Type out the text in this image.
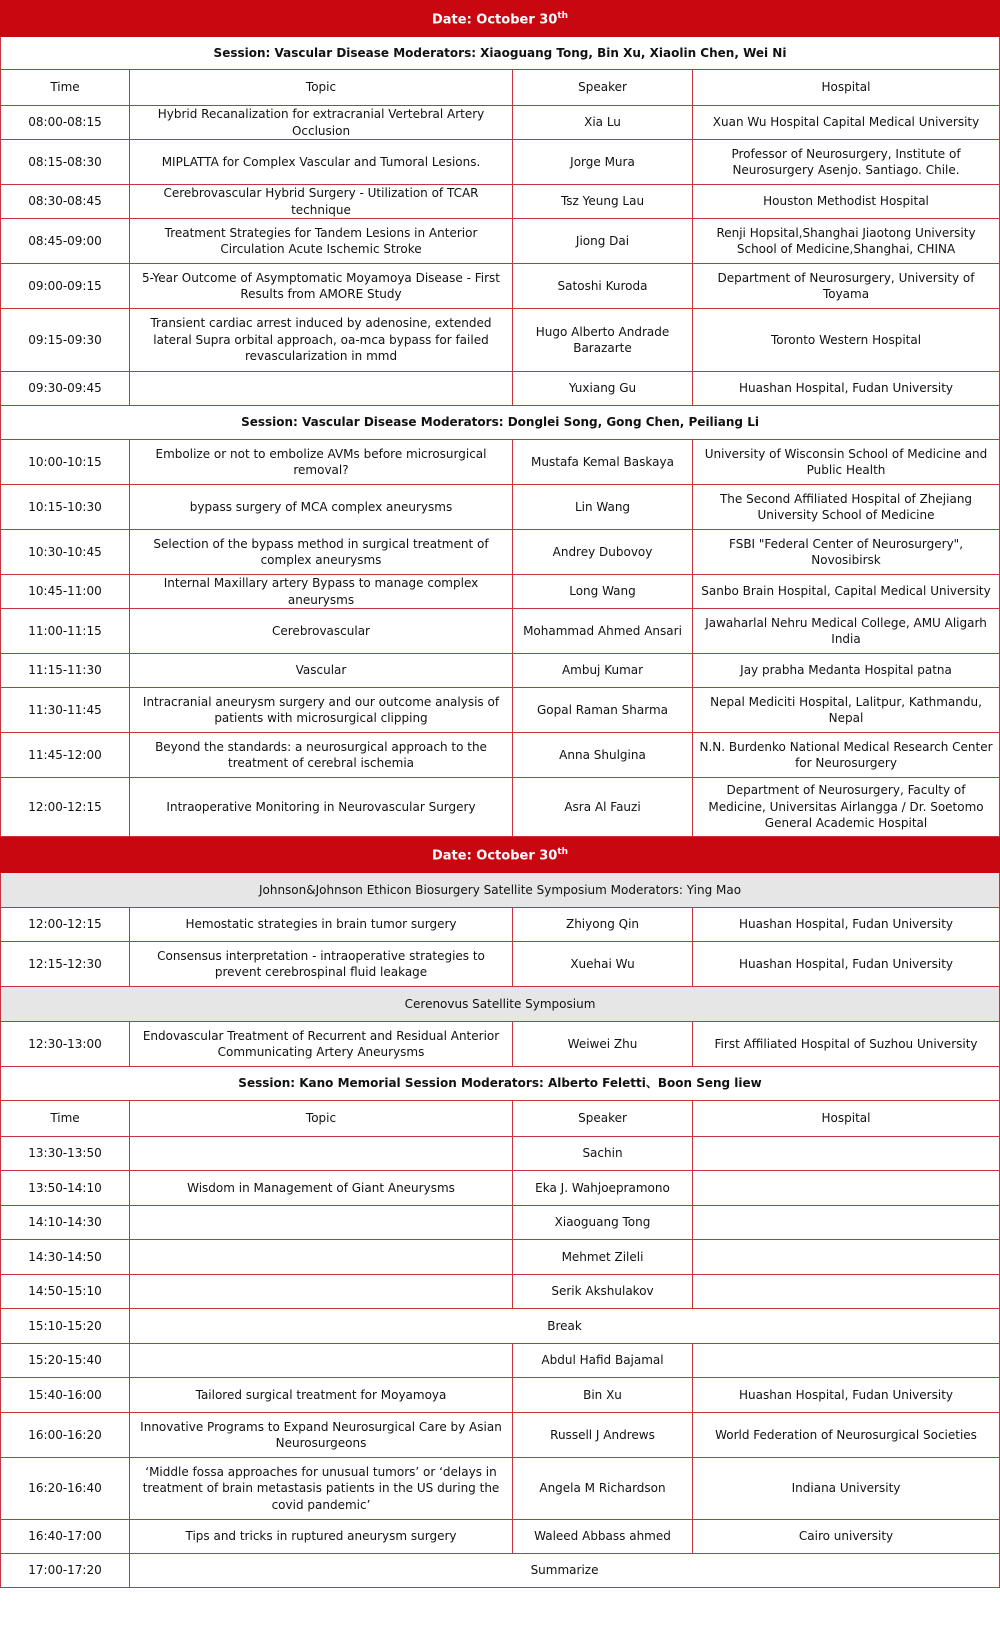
Date: October 30th
Session: Vascular Disease Moderators: Xiaoguang Tong, Bin Xu, Xiaolin Chen, Wei Ni			
Time	Topic	Speaker	Hospital
08:00-08:15	Hybrid Recanalization for extracranial Vertebral Artery Occlusion	Xia Lu	Xuan Wu Hospital Capital Medical University
08:15-08:30	MIPLATTA for Complex Vascular and Tumoral Lesions.	Jorge Mura	Professor of Neurosurgery, Institute of Neurosurgery Asenjo. Santiago. Chile.
08:30-08:45	Cerebrovascular Hybrid Surgery - Utilization of TCAR technique	Tsz Yeung Lau	Houston Methodist Hospital
08:45-09:00	Treatment Strategies for Tandem Lesions in Anterior Circulation Acute Ischemic Stroke	Jiong Dai	Renji Hopsital,Shanghai Jiaotong University School of Medicine,Shanghai, CHINA
09:00-09:15	5-Year Outcome of Asymptomatic Moyamoya Disease - First Results from AMORE Study	Satoshi Kuroda	Department of Neurosurgery, University of Toyama
09:15-09:30	Transient cardiac arrest induced by adenosine, extended lateral Supra orbital approach, oa-mca bypass for failed revascularization in mmd	Hugo Alberto Andrade Barazarte	Toronto Western Hospital
09:30-09:45		Yuxiang Gu	Huashan Hospital, Fudan University
Session: Vascular Disease Moderators: Donglei Song, Gong Chen, Peiliang Li			
10:00-10:15	Embolize or not to embolize AVMs before microsurgical removal?	Mustafa Kemal Baskaya	University of Wisconsin School of Medicine and Public Health
10:15-10:30	bypass surgery of MCA complex aneurysms	Lin Wang	The Second Affiliated Hospital of Zhejiang University School of Medicine
10:30-10:45	Selection of the bypass method in surgical treatment of complex aneurysms	Andrey Dubovoy	FSBI "Federal Center of Neurosurgery", Novosibirsk
10:45-11:00	Internal Maxillary artery Bypass to manage complex aneurysms	Long Wang	Sanbo Brain Hospital, Capital Medical University
11:00-11:15	Cerebrovascular	Mohammad Ahmed Ansari	Jawaharlal Nehru Medical College, AMU Aligarh India
11:15-11:30	Vascular	Ambuj Kumar	Jay prabha Medanta Hospital patna
11:30-11:45	Intracranial aneurysm surgery and our outcome analysis of patients with microsurgical clipping	Gopal Raman Sharma	Nepal Mediciti Hospital, Lalitpur, Kathmandu, Nepal
11:45-12:00	Beyond the standards: a neurosurgical approach to the treatment of cerebral ischemia	Anna Shulgina	N.N. Burdenko National Medical Research Center for Neurosurgery
12:00-12:15	Intraoperative Monitoring in Neurovascular Surgery	Asra Al Fauzi	Department of Neurosurgery, Faculty of Medicine, Universitas Airlangga / Dr. Soetomo General Academic Hospital
Date: October 30th
Johnson&Johnson Ethicon Biosurgery Satellite Symposium Moderators: Ying Mao			
12:00-12:15	Hemostatic strategies in brain tumor surgery	Zhiyong Qin	Huashan Hospital, Fudan University
12:15-12:30	Consensus interpretation - intraoperative strategies to prevent cerebrospinal fluid leakage	Xuehai Wu	Huashan Hospital, Fudan University
Cerenovus Satellite Symposium			
12:30-13:00	Endovascular Treatment of Recurrent and Residual Anterior Communicating Artery Aneurysms	Weiwei Zhu	First Affiliated Hospital of Suzhou University
Session: Kano Memorial Session Moderators: Alberto Feletti、Boon Seng liew			
Time	Topic	Speaker	Hospital
13:30-13:50		Sachin	
13:50-14:10	Wisdom in Management of Giant Aneurysms	Eka J. Wahjoepramono	
14:10-14:30		Xiaoguang Tong	
14:30-14:50		Mehmet Zileli	
14:50-15:10		Serik Akshulakov	
15:10-15:20	Break		
15:20-15:40		Abdul Hafid Bajamal	
15:40-16:00	Tailored surgical treatment for Moyamoya	Bin Xu	Huashan Hospital, Fudan University
16:00-16:20	Innovative Programs to Expand Neurosurgical Care by Asian Neurosurgeons	Russell J Andrews	World Federation of Neurosurgical Societies
16:20-16:40	‘Middle fossa approaches for unusual tumors’ or ‘delays in treatment of brain metastasis patients in the US during the covid pandemic’	Angela M Richardson	Indiana University
16:40-17:00	Tips and tricks in ruptured aneurysm surgery	Waleed Abbass ahmed	Cairo university
17:00-17:20	Summarize		
